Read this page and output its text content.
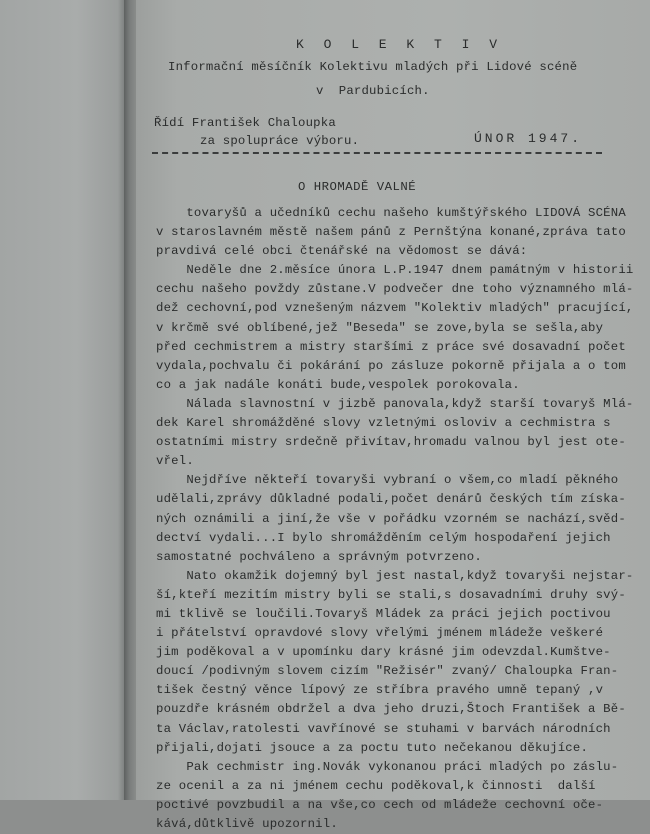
K O L E K T I V
Informační měsíčník Kolektivu mladých při Lidové scéně
v  Pardubicích.
Řídí František Chaloupka
za spolupráce výboru.	ÚNOR 1947.
O HROMADĚ VALNÉ
tovaryšů a učedníků cechu našeho kumštýřského LIDOVÁ SCÉNA
v staroslavném městě našem pánů z Pernštýna konané,zpráva tato
pravdivá celé obci čtenářské na vědomost se dává:
Neděle dne 2.měsíce února L.P.1947 dnem památným v historii
cechu našeho povždy zůstane.V podvečer dne toho významného mlá-
dež cechovní,pod vznešeným názvem "Kolektiv mladých" pracující,
v krčmě své oblíbené,jež "Beseda" se zove,byla se sešla,aby
před cechmistrem a mistry staršími z práce své dosavadní počet
vydala,pochvalu či pokárání po zásluze pokorně přijala a o tom
co a jak nadále konáti bude,vespolek porokovala.
Nálada slavnostní v jizbě panovala,když starší tovaryš Mlá-
dek Karel shromážděné slovy vzletnými osloviv a cechmistra s
ostatními mistry srdečně přivítav,hromadu valnou byl jest ote-
vřel.
Nejdříve někteří tovaryši vybraní o všem,co mladí pěkného
udělali,zprávy důkladné podali,počet denárů českých tím získa-
ných oznámili a jiní,že vše v pořádku vzorném se nachází,svěd-
dectví vydali...I bylo shromážděním celým hospodaření jejich
samostatné pochváleno a správným potvrzeno.
Nato okamžik dojemný byl jest nastal,když tovaryši nejstar-
ší,kteří mezitím mistry byli se stali,s dosavadními druhy svý-
mi tklivě se loučili.Tovaryš Mládek za práci jejich poctivou
i přátelství opravdové slovy vřelými jménem mládeže veškeré
jim poděkoval a v upomínku dary krásné jim odevzdal.Kumštve-
doucí /podivným slovem cizím "Režisér" zvaný/ Chaloupka Fran-
tišek čestný věnce lípový ze stříbra pravého umně tepaný ,v
pouzdře krásném obdržel a dva jeho druzi,Štoch František a Bě-
ta Václav,ratolesti vavřínové se stuhami v barvách národních
přijali,dojati jsouce a za poctu tuto nečekanou děkujíce.
Pak cechmistr ing.Novák vykonanou práci mladých po záslu-
ze ocenil a za ni jménem cechu poděkoval,k činnosti  další
poctivé povzbudil a na vše,co cech od mládeže cechovní oče-
kává,důtklivě upozornil.
